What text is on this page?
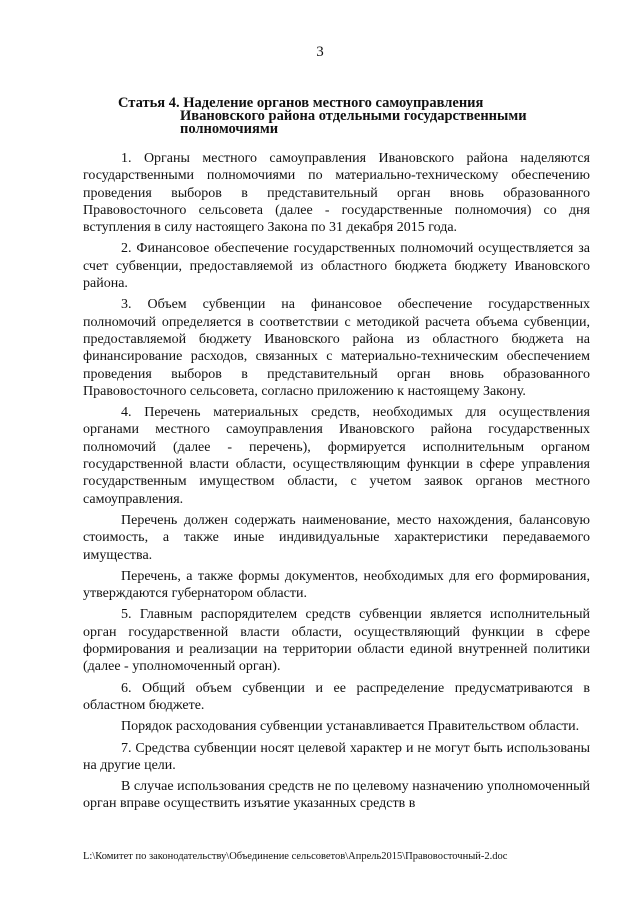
3
Статья 4. Наделение органов местного самоуправления
Ивановского района отдельными государственными
полномочиями

1. Органы местного самоуправления Ивановского района наделяются государственными полномочиями по материально-техническому обеспечению проведения выборов в представительный орган вновь образованного Правовосточного сельсовета (далее - государственные полномочия) со дня вступления в силу настоящего Закона по 31 декабря 2015 года.

2. Финансовое обеспечение государственных полномочий осуществляется за счет субвенции, предоставляемой из областного бюджета бюджету Ивановского района.

3. Объем субвенции на финансовое обеспечение государственных полномочий определяется в соответствии с методикой расчета объема субвенции, предоставляемой бюджету Ивановского района из областного бюджета на финансирование расходов, связанных с материально-техническим обеспечением проведения выборов в представительный орган вновь образованного Правовосточного сельсовета, согласно приложению к настоящему Закону.

4. Перечень материальных средств, необходимых для осуществления органами местного самоуправления Ивановского района государственных полномочий (далее - перечень), формируется исполнительным органом государственной власти области, осуществляющим функции в сфере управления государственным имуществом области, с учетом заявок органов местного самоуправления.

Перечень должен содержать наименование, место нахождения, балансовую стоимость, а также иные индивидуальные характеристики передаваемого имущества.

Перечень, а также формы документов, необходимых для его формирования, утверждаются губернатором области.

5. Главным распорядителем средств субвенции является исполнительный орган государственной власти области, осуществляющий функции в сфере формирования и реализации на территории области единой внутренней политики (далее - уполномоченный орган).

6. Общий объем субвенции и ее распределение предусматриваются в областном бюджете.

Порядок расходования субвенции устанавливается Правительством области.

7. Средства субвенции носят целевой характер и не могут быть использованы на другие цели.

В случае использования средств не по целевому назначению уполномоченный орган вправе осуществить изъятие указанных средств в

L:\Комитет по законодательству\Объединение сельсоветов\Апрель2015\Правовосточный-2.doc
